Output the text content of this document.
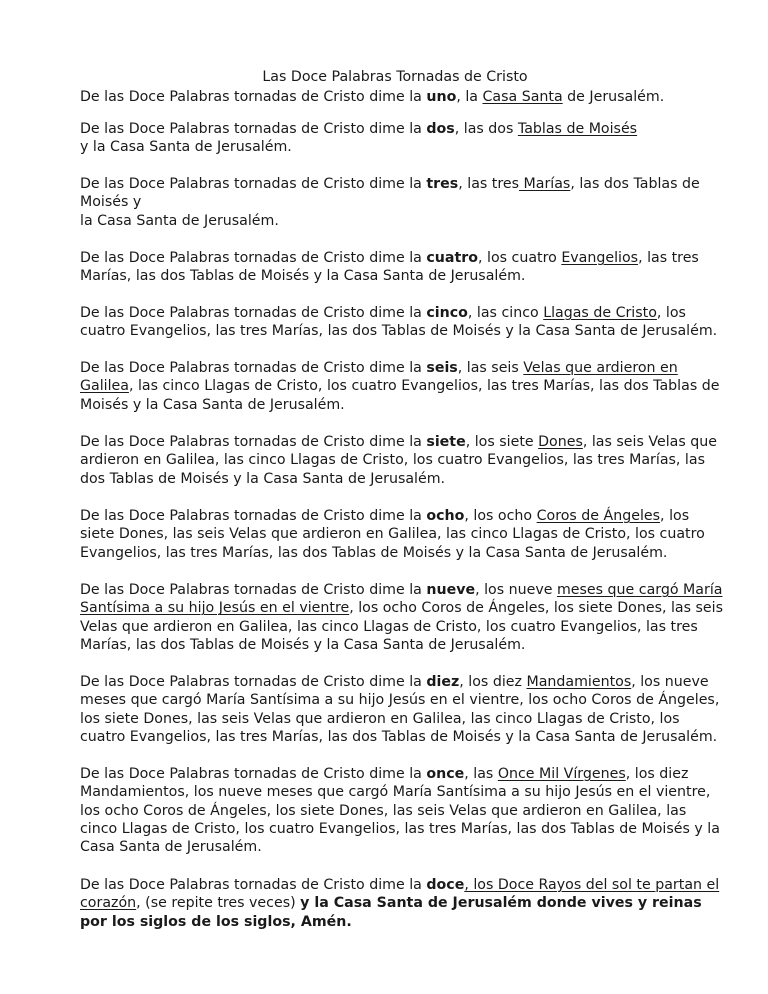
Las Doce Palabras Tornadas de Cristo
De las Doce Palabras tornadas de Cristo dime la uno, la Casa Santa de Jerusalém.
De las Doce Palabras tornadas de Cristo dime la dos, las dos Tablas de Moisés
y la Casa Santa de Jerusalém.
De las Doce Palabras tornadas de Cristo dime la tres, las tres Marías, las dos Tablas de
Moisés y
la Casa Santa de Jerusalém.
De las Doce Palabras tornadas de Cristo dime la cuatro, los cuatro Evangelios, las tres
Marías, las dos Tablas de Moisés y la Casa Santa de Jerusalém.
De las Doce Palabras tornadas de Cristo dime la cinco, las cinco Llagas de Cristo, los
cuatro Evangelios, las tres Marías, las dos Tablas de Moisés y la Casa Santa de Jerusalém.
De las Doce Palabras tornadas de Cristo dime la seis, las seis Velas que ardieron en
Galilea, las cinco Llagas de Cristo, los cuatro Evangelios, las tres Marías, las dos Tablas de
Moisés y la Casa Santa de Jerusalém.
De las Doce Palabras tornadas de Cristo dime la siete, los siete Dones, las seis Velas que
ardieron en Galilea, las cinco Llagas de Cristo, los cuatro Evangelios, las tres Marías, las
dos Tablas de Moisés y la Casa Santa de Jerusalém.
De las Doce Palabras tornadas de Cristo dime la ocho, los ocho Coros de Ángeles, los
siete Dones, las seis Velas que ardieron en Galilea, las cinco Llagas de Cristo, los cuatro
Evangelios, las tres Marías, las dos Tablas de Moisés y la Casa Santa de Jerusalém.
De las Doce Palabras tornadas de Cristo dime la nueve, los nueve meses que cargó María
Santísima a su hijo Jesús en el vientre, los ocho Coros de Ángeles, los siete Dones, las seis
Velas que ardieron en Galilea, las cinco Llagas de Cristo, los cuatro Evangelios, las tres
Marías, las dos Tablas de Moisés y la Casa Santa de Jerusalém.
De las Doce Palabras tornadas de Cristo dime la diez, los diez Mandamientos, los nueve
meses que cargó María Santísima a su hijo Jesús en el vientre, los ocho Coros de Ángeles,
los siete Dones, las seis Velas que ardieron en Galilea, las cinco Llagas de Cristo, los
cuatro Evangelios, las tres Marías, las dos Tablas de Moisés y la Casa Santa de Jerusalém.
De las Doce Palabras tornadas de Cristo dime la once, las Once Mil Vírgenes, los diez
Mandamientos, los nueve meses que cargó María Santísima a su hijo Jesús en el vientre,
los ocho Coros de Ángeles, los siete Dones, las seis Velas que ardieron en Galilea, las
cinco Llagas de Cristo, los cuatro Evangelios, las tres Marías, las dos Tablas de Moisés y la
Casa Santa de Jerusalém.
De las Doce Palabras tornadas de Cristo dime la doce, los Doce Rayos del sol te partan el
corazón, (se repite tres veces) y la Casa Santa de Jerusalém donde vives y reinas
por los siglos de los siglos, Amén.
